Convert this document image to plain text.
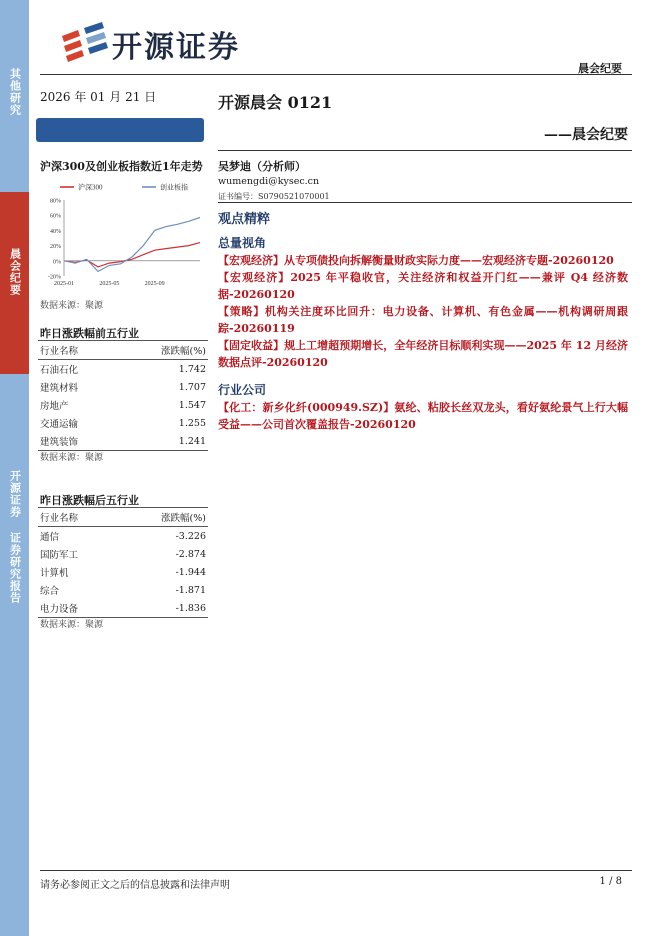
其他研究
晨会纪要
开源证券 证券研究报告
开源证券
晨会纪要
2026 年 01 月 21 日
沪深300及创业板指数近1年走势
80%
60%
40%
20%
0%
-20%
2025-01	2025-05	2025-09
沪深300	创业板指
数据来源：聚源
昨日涨跌幅前五行业
行业名称	涨跌幅(%)
石油石化	1.742
建筑材料	1.707
房地产	1.547
交通运输	1.255
建筑装饰	1.241
数据来源：聚源
昨日涨跌幅后五行业
行业名称	涨跌幅(%)
通信	-3.226
国防军工	-2.874
计算机	-1.944
综合	-1.871
电力设备	-1.836
数据来源：聚源
开源晨会 0121
——晨会纪要
吴梦迪（分析师）
wumengdi@kysec.cn
证书编号：S0790521070001
观点精粹
总量视角

【宏观经济】从专项债投向拆解衡量财政实际力度——宏观经济专题-20260120

【宏观经济】2025 年平稳收官，关注经济和权益开门红——兼评 Q4 经济数据-20260120

【策略】机构关注度环比回升：电力设备、计算机、有色金属——机构调研周跟踪-20260119

【固定收益】规上工增超预期增长，全年经济目标顺利实现——2025 年 12 月经济数据点评-20260120

行业公司

【化工：新乡化纤(000949.SZ)】氨纶、粘胶长丝双龙头，看好氨纶景气上行大幅受益——公司首次覆盖报告-20260120

请务必参阅正文之后的信息披露和法律声明	1 / 8
